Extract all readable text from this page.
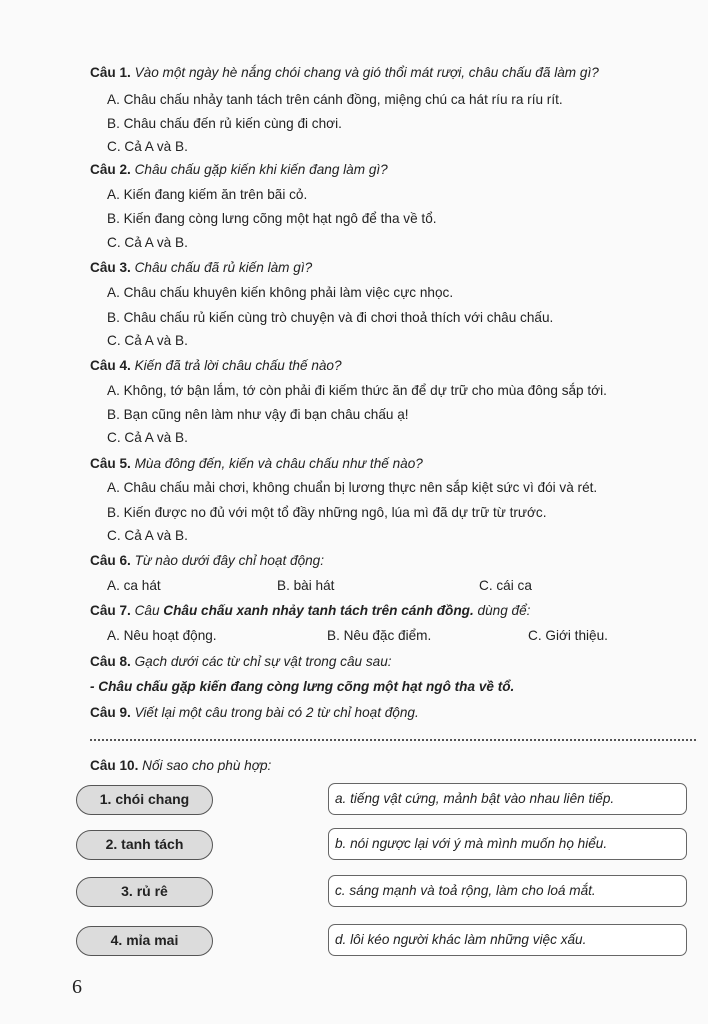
Câu 1. Vào một ngày hè nắng chói chang và gió thổi mát rượi, châu chấu đã làm gì?
A. Châu chấu nhảy tanh tách trên cánh đồng, miệng chú ca hát ríu ra ríu rít.
B. Châu chấu đến rủ kiến cùng đi chơi.
C. Cả A và B.
Câu 2. Châu chấu gặp kiến khi kiến đang làm gì?
A. Kiến đang kiếm ăn trên bãi cỏ.
B. Kiến đang còng lưng cõng một hạt ngô để tha về tổ.
C. Cả A và B.
Câu 3. Châu chấu đã rủ kiến làm gì?
A. Châu chấu khuyên kiến không phải làm việc cực nhọc.
B. Châu chấu rủ kiến cùng trò chuyện và đi chơi thoả thích với châu chấu.
C. Cả A và B.
Câu 4. Kiến đã trả lời châu chấu thế nào?
A. Không, tớ bận lắm, tớ còn phải đi kiếm thức ăn để dự trữ cho mùa đông sắp tới.
B. Bạn cũng nên làm như vậy đi bạn châu chấu ạ!
C. Cả A và B.
Câu 5. Mùa đông đến, kiến và châu chấu như thế nào?
A. Châu chấu mải chơi, không chuẩn bị lương thực nên sắp kiệt sức vì đói và rét.
B. Kiến được no đủ với một tổ đầy những ngô, lúa mì đã dự trữ từ trước.
C. Cả A và B.
Câu 6. Từ nào dưới đây chỉ hoạt động:
A. ca hát	B. bài hát	C. cái ca
Câu 7. Câu Châu chấu xanh nhảy tanh tách trên cánh đồng. dùng để:
A. Nêu hoạt động.	B. Nêu đặc điểm.	C. Giới thiệu.
Câu 8. Gạch dưới các từ chỉ sự vật trong câu sau:
- Châu chấu gặp kiến đang còng lưng cõng một hạt ngô tha về tổ.
Câu 9. Viết lại một câu trong bài có 2 từ chỉ hoạt động.
Câu 10. Nối sao cho phù hợp:
1. chói chang
2. tanh tách
3. rủ rê
4. mỉa mai
a. tiếng vật cứng, mảnh bật vào nhau liên tiếp.
b. nói ngược lại với ý mà mình muốn họ hiểu.
c. sáng mạnh và toả rộng, làm cho loá mắt.
d. lôi kéo người khác làm những việc xấu.
6
